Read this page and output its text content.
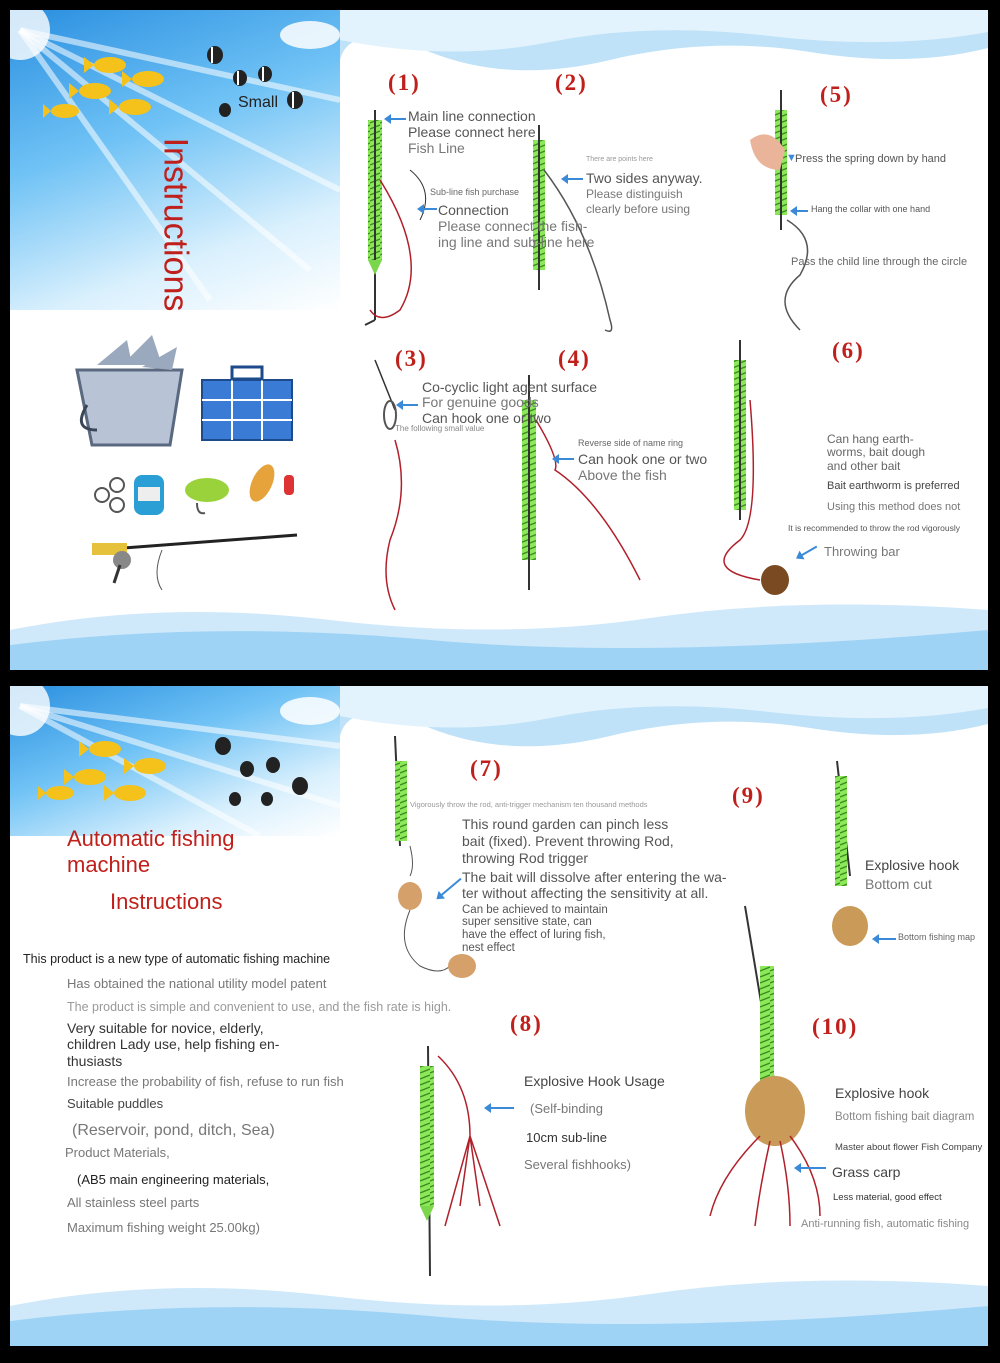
Small
Instructions
(1)
Main line connection
Please connect here
Fish Line
Sub-line fish purchase
Connection
Please connect the fish-
ing line and sub-line here
(2)
There are points here
Two sides anyway.
Please distinguish
clearly before using
(5)
▼
Press the spring down by hand
Hang the collar with one hand
Pass the child line through the circle
(3)
Co-cyclic light agent surface
For genuine goods
Can hook one or two
The following small value
(4)
Reverse side of name ring
Can hook one or two
Above the fish
(6)
Can hang earth-
worms, bait dough
and other bait
Bait earthworm is preferred
Using this method does not
It is recommended to throw the rod vigorously
Throwing bar
Automatic fishing
machine
Instructions
This product is a new type of automatic fishing machine
Has obtained the national utility model patent
The product is simple and convenient to use, and the fish rate is high.
Very suitable for novice, elderly,
children Lady use, help fishing en-
thusiasts
Increase the probability of fish, refuse to run fish
Suitable puddles
(Reservoir, pond, ditch, Sea)
Product Materials,
(AB5 main engineering materials,
All stainless steel parts
Maximum fishing weight 25.00kg)
(7)
Vigorously throw the rod, anti-trigger mechanism ten thousand methods
This round garden can pinch less
bait (fixed). Prevent throwing Rod,
throwing Rod trigger
The bait will dissolve after entering the wa-
ter without affecting the sensitivity at all.
Can be achieved to maintain
super sensitive state, can
have the effect of luring fish,
nest effect
(9)
Explosive hook
Bottom cut
Bottom fishing map
(8)
Explosive Hook Usage
(Self-binding
10cm sub-line
Several fishhooks)
(10)
Explosive hook
Bottom fishing bait diagram
Master about flower Fish Company
Grass carp
Less material, good effect
Anti-running fish, automatic fishing
